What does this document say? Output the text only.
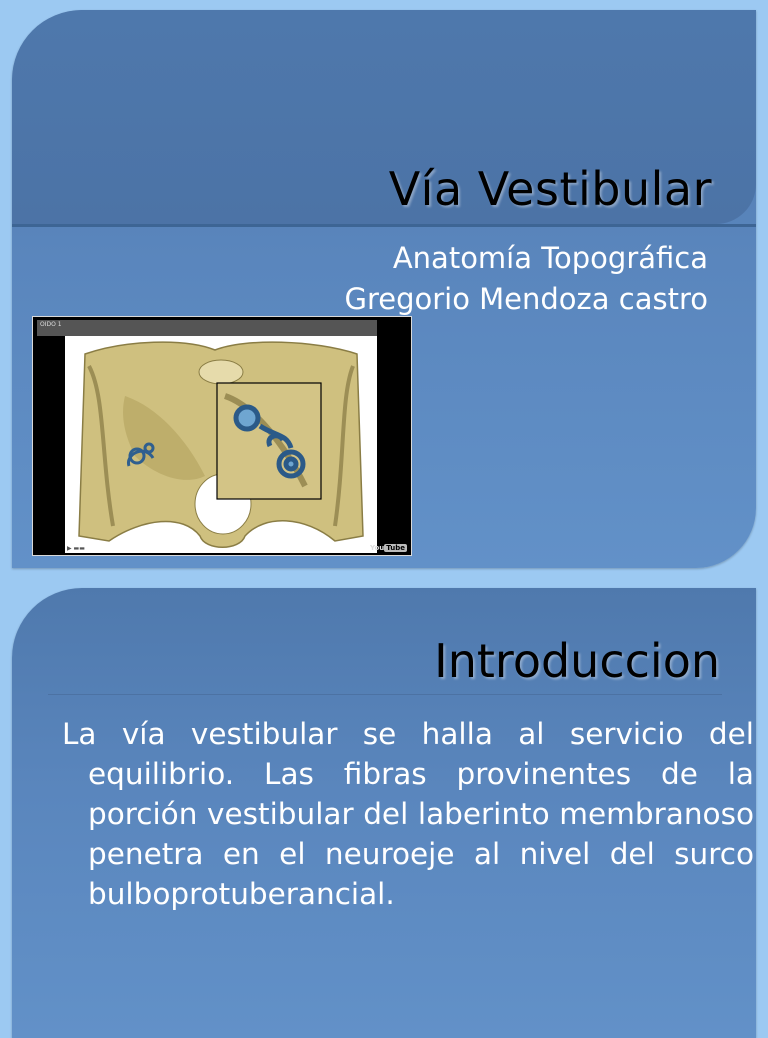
Vía Vestibular
Anatomía Topográfica
Gregorio Mendoza castro
OIDO 1
▶ ▬▬	You Tube
Introduccion
La vía vestibular se halla al servicio del equilibrio. Las fibras provinentes de la porción vestibular del laberinto membranoso penetra en el neuroeje al nivel del surco bulboprotuberancial.
